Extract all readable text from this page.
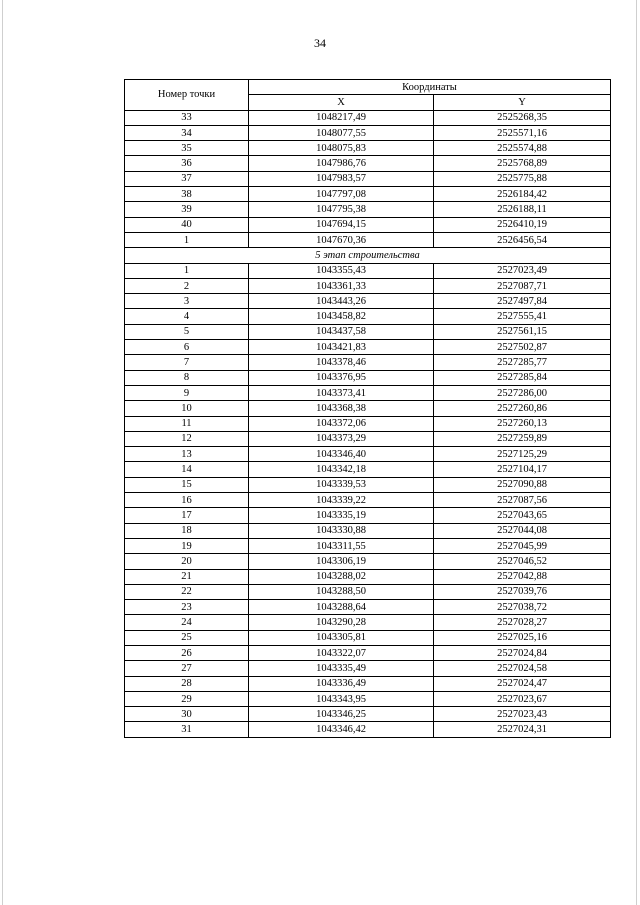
34
Номер точки	Координаты	
	X	Y
33	1048217,49	2525268,35
34	1048077,55	2525571,16
35	1048075,83	2525574,88
36	1047986,76	2525768,89
37	1047983,57	2525775,88
38	1047797,08	2526184,42
39	1047795,38	2526188,11
40	1047694,15	2526410,19
1	1047670,36	2526456,54
5 этап строительства		
1	1043355,43	2527023,49
2	1043361,33	2527087,71
3	1043443,26	2527497,84
4	1043458,82	2527555,41
5	1043437,58	2527561,15
6	1043421,83	2527502,87
7	1043378,46	2527285,77
8	1043376,95	2527285,84
9	1043373,41	2527286,00
10	1043368,38	2527260,86
11	1043372,06	2527260,13
12	1043373,29	2527259,89
13	1043346,40	2527125,29
14	1043342,18	2527104,17
15	1043339,53	2527090,88
16	1043339,22	2527087,56
17	1043335,19	2527043,65
18	1043330,88	2527044,08
19	1043311,55	2527045,99
20	1043306,19	2527046,52
21	1043288,02	2527042,88
22	1043288,50	2527039,76
23	1043288,64	2527038,72
24	1043290,28	2527028,27
25	1043305,81	2527025,16
26	1043322,07	2527024,84
27	1043335,49	2527024,58
28	1043336,49	2527024,47
29	1043343,95	2527023,67
30	1043346,25	2527023,43
31	1043346,42	2527024,31
